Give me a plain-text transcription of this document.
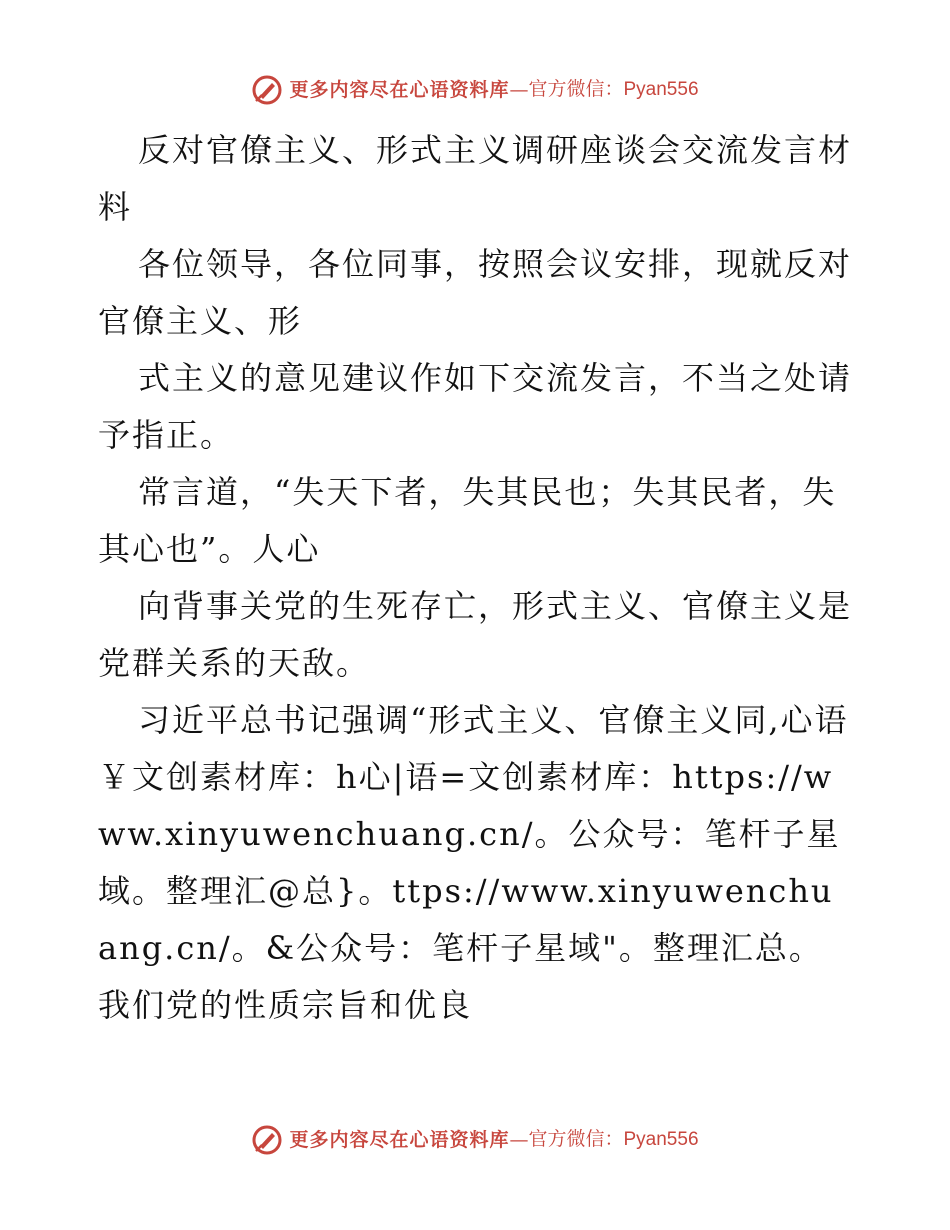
更多内容尽在心语资料库 — 官方微信：Pyan556

反对官僚主义、形式主义调研座谈会交流发言材料

各位领导，各位同事，按照会议安排，现就反对官僚主义、形

式主义的意见建议作如下交流发言，不当之处请予指正。

常言道，“失天下者，失其民也；失其民者，失其心也”。人心

向背事关党的生死存亡，形式主义、官僚主义是党群关系的天敌。

习近平总书记强调“形式主义、官僚主义同,心语￥文创素材库：h心|语=文创素材库：https://www.xinyuwenchuang.cn/。公众号：笔杆子星域。整理汇@总}。ttps://www.xinyuwenchuang.cn/。&公众号：笔杆子星域"。整理汇总。我们党的性质宗旨和优良

更多内容尽在心语资料库 — 官方微信：Pyan556
